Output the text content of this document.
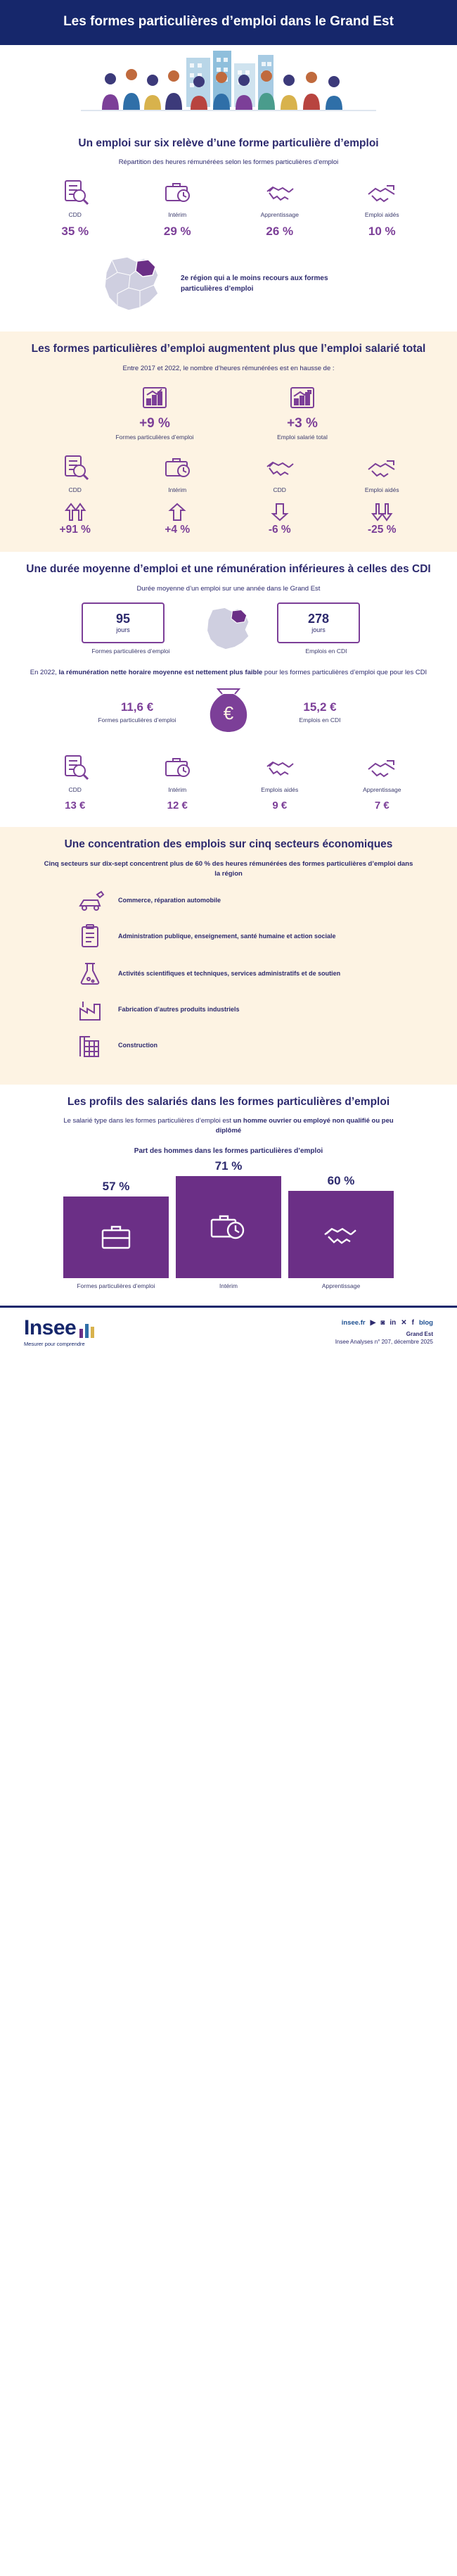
Les formes particulières d’emploi dans le Grand Est
Un emploi sur six relève d’une forme particulière d’emploi
Répartition des heures rémunérées selon les formes particulières d’emploi
CDD
35 %
Intérim
29 %
Apprentissage
26 %
Emploi aidés
10 %
2e région qui a le moins recours aux formes particulières d’emploi
Les formes particulières d’emploi augmentent plus que l’emploi salarié total
Entre 2017 et 2022, le nombre d’heures rémunérées est en hausse de :
+9 %
Formes particulières d’emploi
+3 %
Emploi salarié total
CDD	Intérim	CDD	Emploi aidés
+91 %	+4 %	-6 %	-25 %
Une durée moyenne d’emploi et une rémunération inférieures à celles des CDI
Durée moyenne d’un emploi sur une année dans le Grand Est
95
jours
Formes particulières d’emploi
278
jours
Emplois en CDI
En 2022, la rémunération nette horaire moyenne est nettement plus faible pour les formes particulières d’emploi que pour les CDI
11,6 €
Formes particulières d’emploi	€	15,2 €
Emplois en CDI
CDD
13 €
Intérim
12 €
Emplois aidés
9 €
Apprentissage
7 €
Une concentration des emplois sur cinq secteurs économiques
Cinq secteurs sur dix-sept concentrent plus de 60 % des heures rémunérées des formes particulières d’emploi dans la région
Commerce, réparation automobile
Administration publique, enseignement, santé humaine et action sociale
Activités scientifiques et techniques, services administratifs et de soutien
Fabrication d’autres produits industriels
Construction
Les profils des salariés dans les formes particulières d’emploi
Le salarié type dans les formes particulières d’emploi est un homme ouvrier ou employé non qualifié ou peu diplômé
Part des hommes dans les formes particulières d’emploi
57 %
Formes particulières d’emploi
71 %
Intérim
60 %
Apprentissage
Insee
Mesurer pour comprendre
insee.fr ▶ ◙ in ✕ f blog
Grand Est
Insee Analyses n° 207, décembre 2025
